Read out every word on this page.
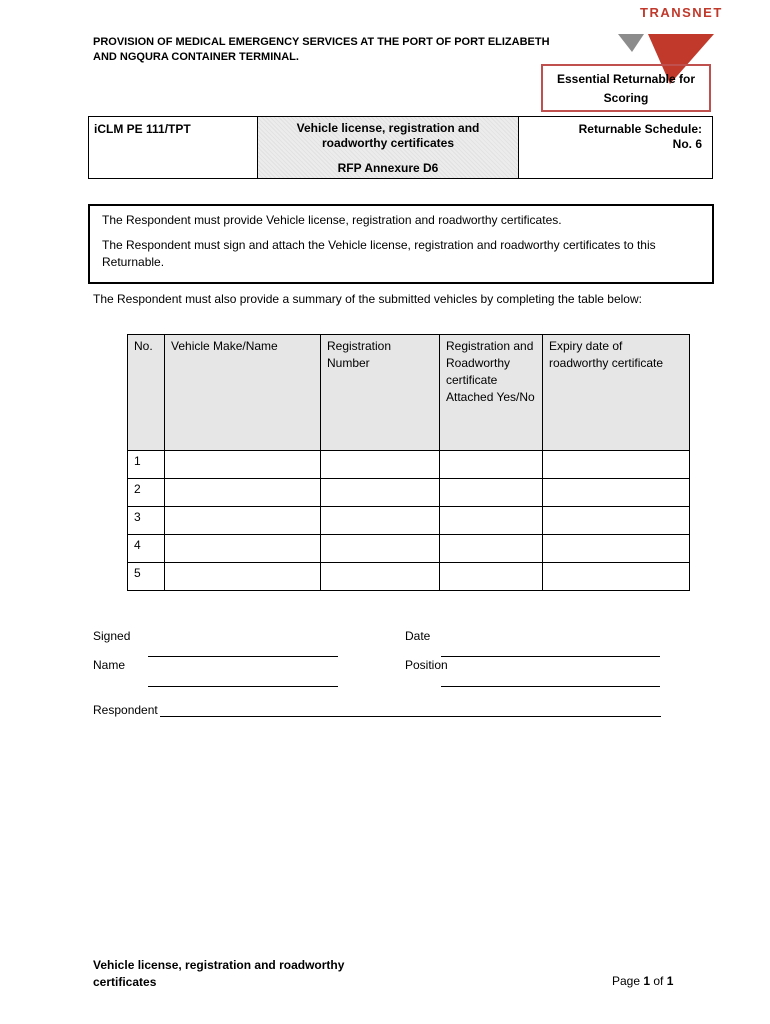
PROVISION OF MEDICAL EMERGENCY SERVICES AT THE PORT OF PORT ELIZABETH
AND NGQURA CONTAINER TERMINAL.
TRANSNET
Essential Returnable for
Scoring
iCLM PE 111/TPT	Vehicle license, registration and
roadworthy certificates
RFP Annexure D6
Returnable Schedule:
No. 6

The Respondent must provide Vehicle license, registration and roadworthy certificates.

The Respondent must sign and attach the Vehicle license, registration and roadworthy certificates to this Returnable.

The Respondent must also provide a summary of the submitted vehicles by completing the table below:
No.	Vehicle Make/Name	Registration Number	Registration and Roadworthy certificate Attached Yes/No	Expiry date of roadworthy certificate
1				
2				
3				
4				
5				
Signed	Date
Name	Position
Respondent
Vehicle license, registration and roadworthy certificates	Page 1 of 1
